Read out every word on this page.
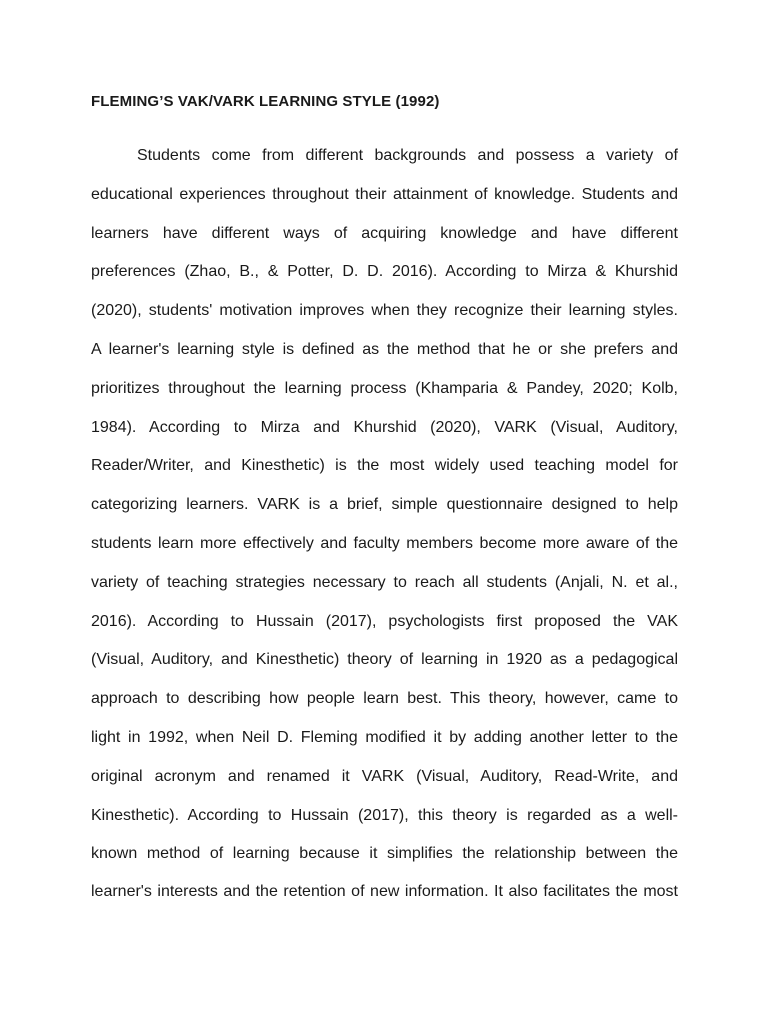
FLEMING’S VAK/VARK LEARNING STYLE (1992)

Students come from different backgrounds and possess a variety of

educational experiences throughout their attainment of knowledge. Students and

learners have different ways of acquiring knowledge and have different

preferences (Zhao, B., & Potter, D. D. 2016). According to Mirza & Khurshid

(2020), students' motivation improves when they recognize their learning styles.

A learner's learning style is defined as the method that he or she prefers and

prioritizes throughout the learning process (Khamparia & Pandey, 2020; Kolb,

1984). According to Mirza and Khurshid (2020), VARK (Visual, Auditory,

Reader/Writer, and Kinesthetic) is the most widely used teaching model for

categorizing learners. VARK is a brief, simple questionnaire designed to help

students learn more effectively and faculty members become more aware of the

variety of teaching strategies necessary to reach all students (Anjali, N. et al.,

2016). According to Hussain (2017), psychologists first proposed the VAK

(Visual, Auditory, and Kinesthetic) theory of learning in 1920 as a pedagogical

approach to describing how people learn best. This theory, however, came to

light in 1992, when Neil D. Fleming modified it by adding another letter to the

original acronym and renamed it VARK (Visual, Auditory, Read-Write, and

Kinesthetic). According to Hussain (2017), this theory is regarded as a well-

known method of learning because it simplifies the relationship between the

learner's interests and the retention of new information. It also facilitates the most
